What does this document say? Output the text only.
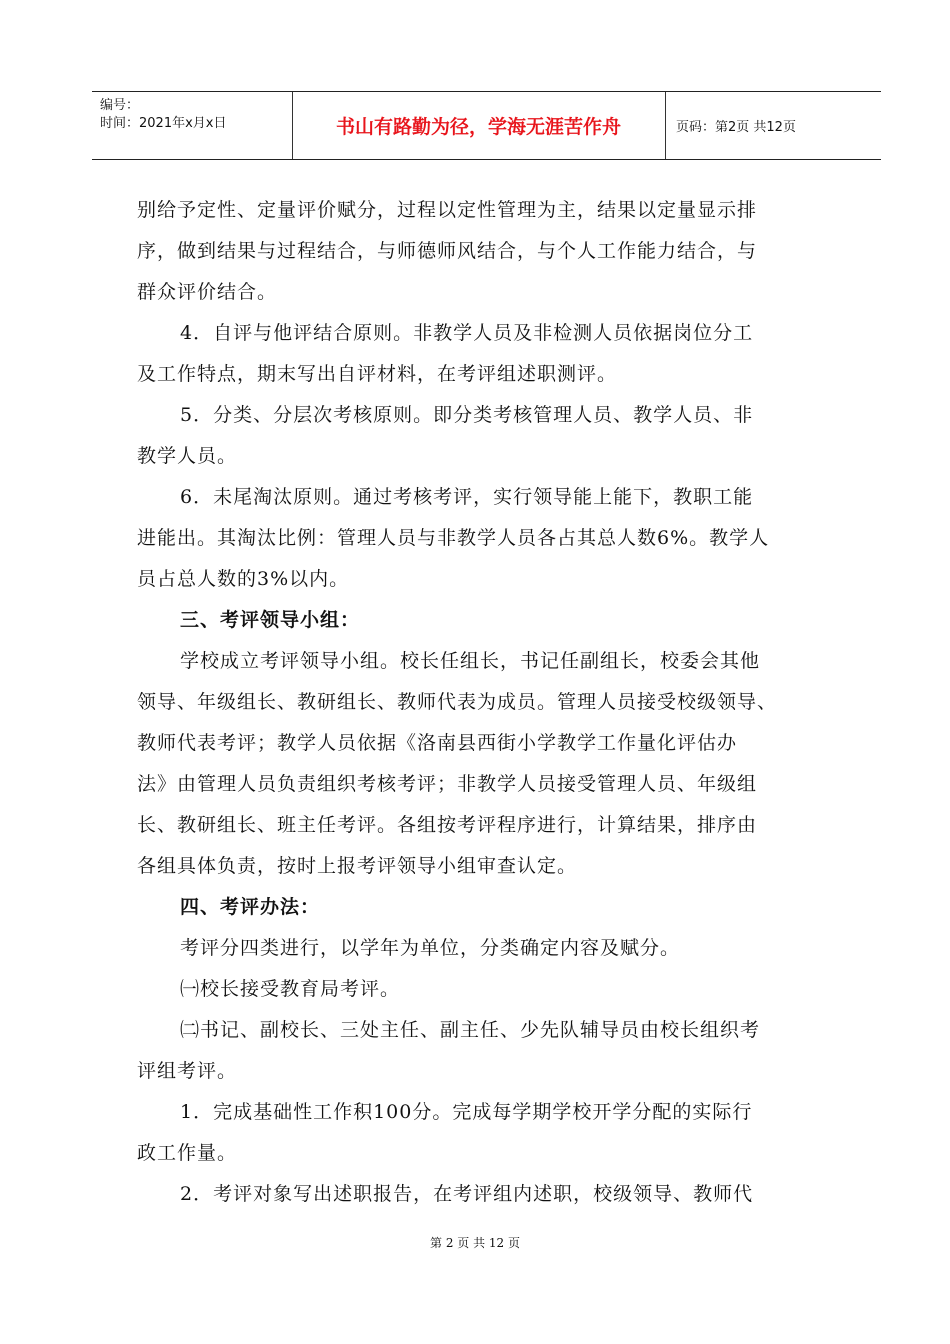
编号：
时间：2021年x月x日	书山有路勤为径，学海无涯苦作舟	页码：第2页 共12页
别给予定性、定量评价赋分，过程以定性管理为主，结果以定量显示排
序，做到结果与过程结合，与师德师风结合，与个人工作能力结合，与
群众评价结合。
4．自评与他评结合原则。非教学人员及非检测人员依据岗位分工
及工作特点，期末写出自评材料，在考评组述职测评。
5．分类、分层次考核原则。即分类考核管理人员、教学人员、非
教学人员。
6．未尾淘汰原则。通过考核考评，实行领导能上能下，教职工能
进能出。其淘汰比例：管理人员与非教学人员各占其总人数6%。教学人
员占总人数的3%以内。
三、考评领导小组：
学校成立考评领导小组。校长任组长，书记任副组长，校委会其他
领导、年级组长、教研组长、教师代表为成员。管理人员接受校级领导、
教师代表考评；教学人员依据《洛南县西街小学教学工作量化评估办
法》由管理人员负责组织考核考评；非教学人员接受管理人员、年级组
长、教研组长、班主任考评。各组按考评程序进行，计算结果，排序由
各组具体负责，按时上报考评领导小组审查认定。
四、考评办法：
考评分四类进行，以学年为单位，分类确定内容及赋分。
㈠校长接受教育局考评。
㈡书记、副校长、三处主任、副主任、少先队辅导员由校长组织考
评组考评。
1．完成基础性工作积100分。完成每学期学校开学分配的实际行
政工作量。
2．考评对象写出述职报告，在考评组内述职，校级领导、教师代
第 2 页 共 12 页
